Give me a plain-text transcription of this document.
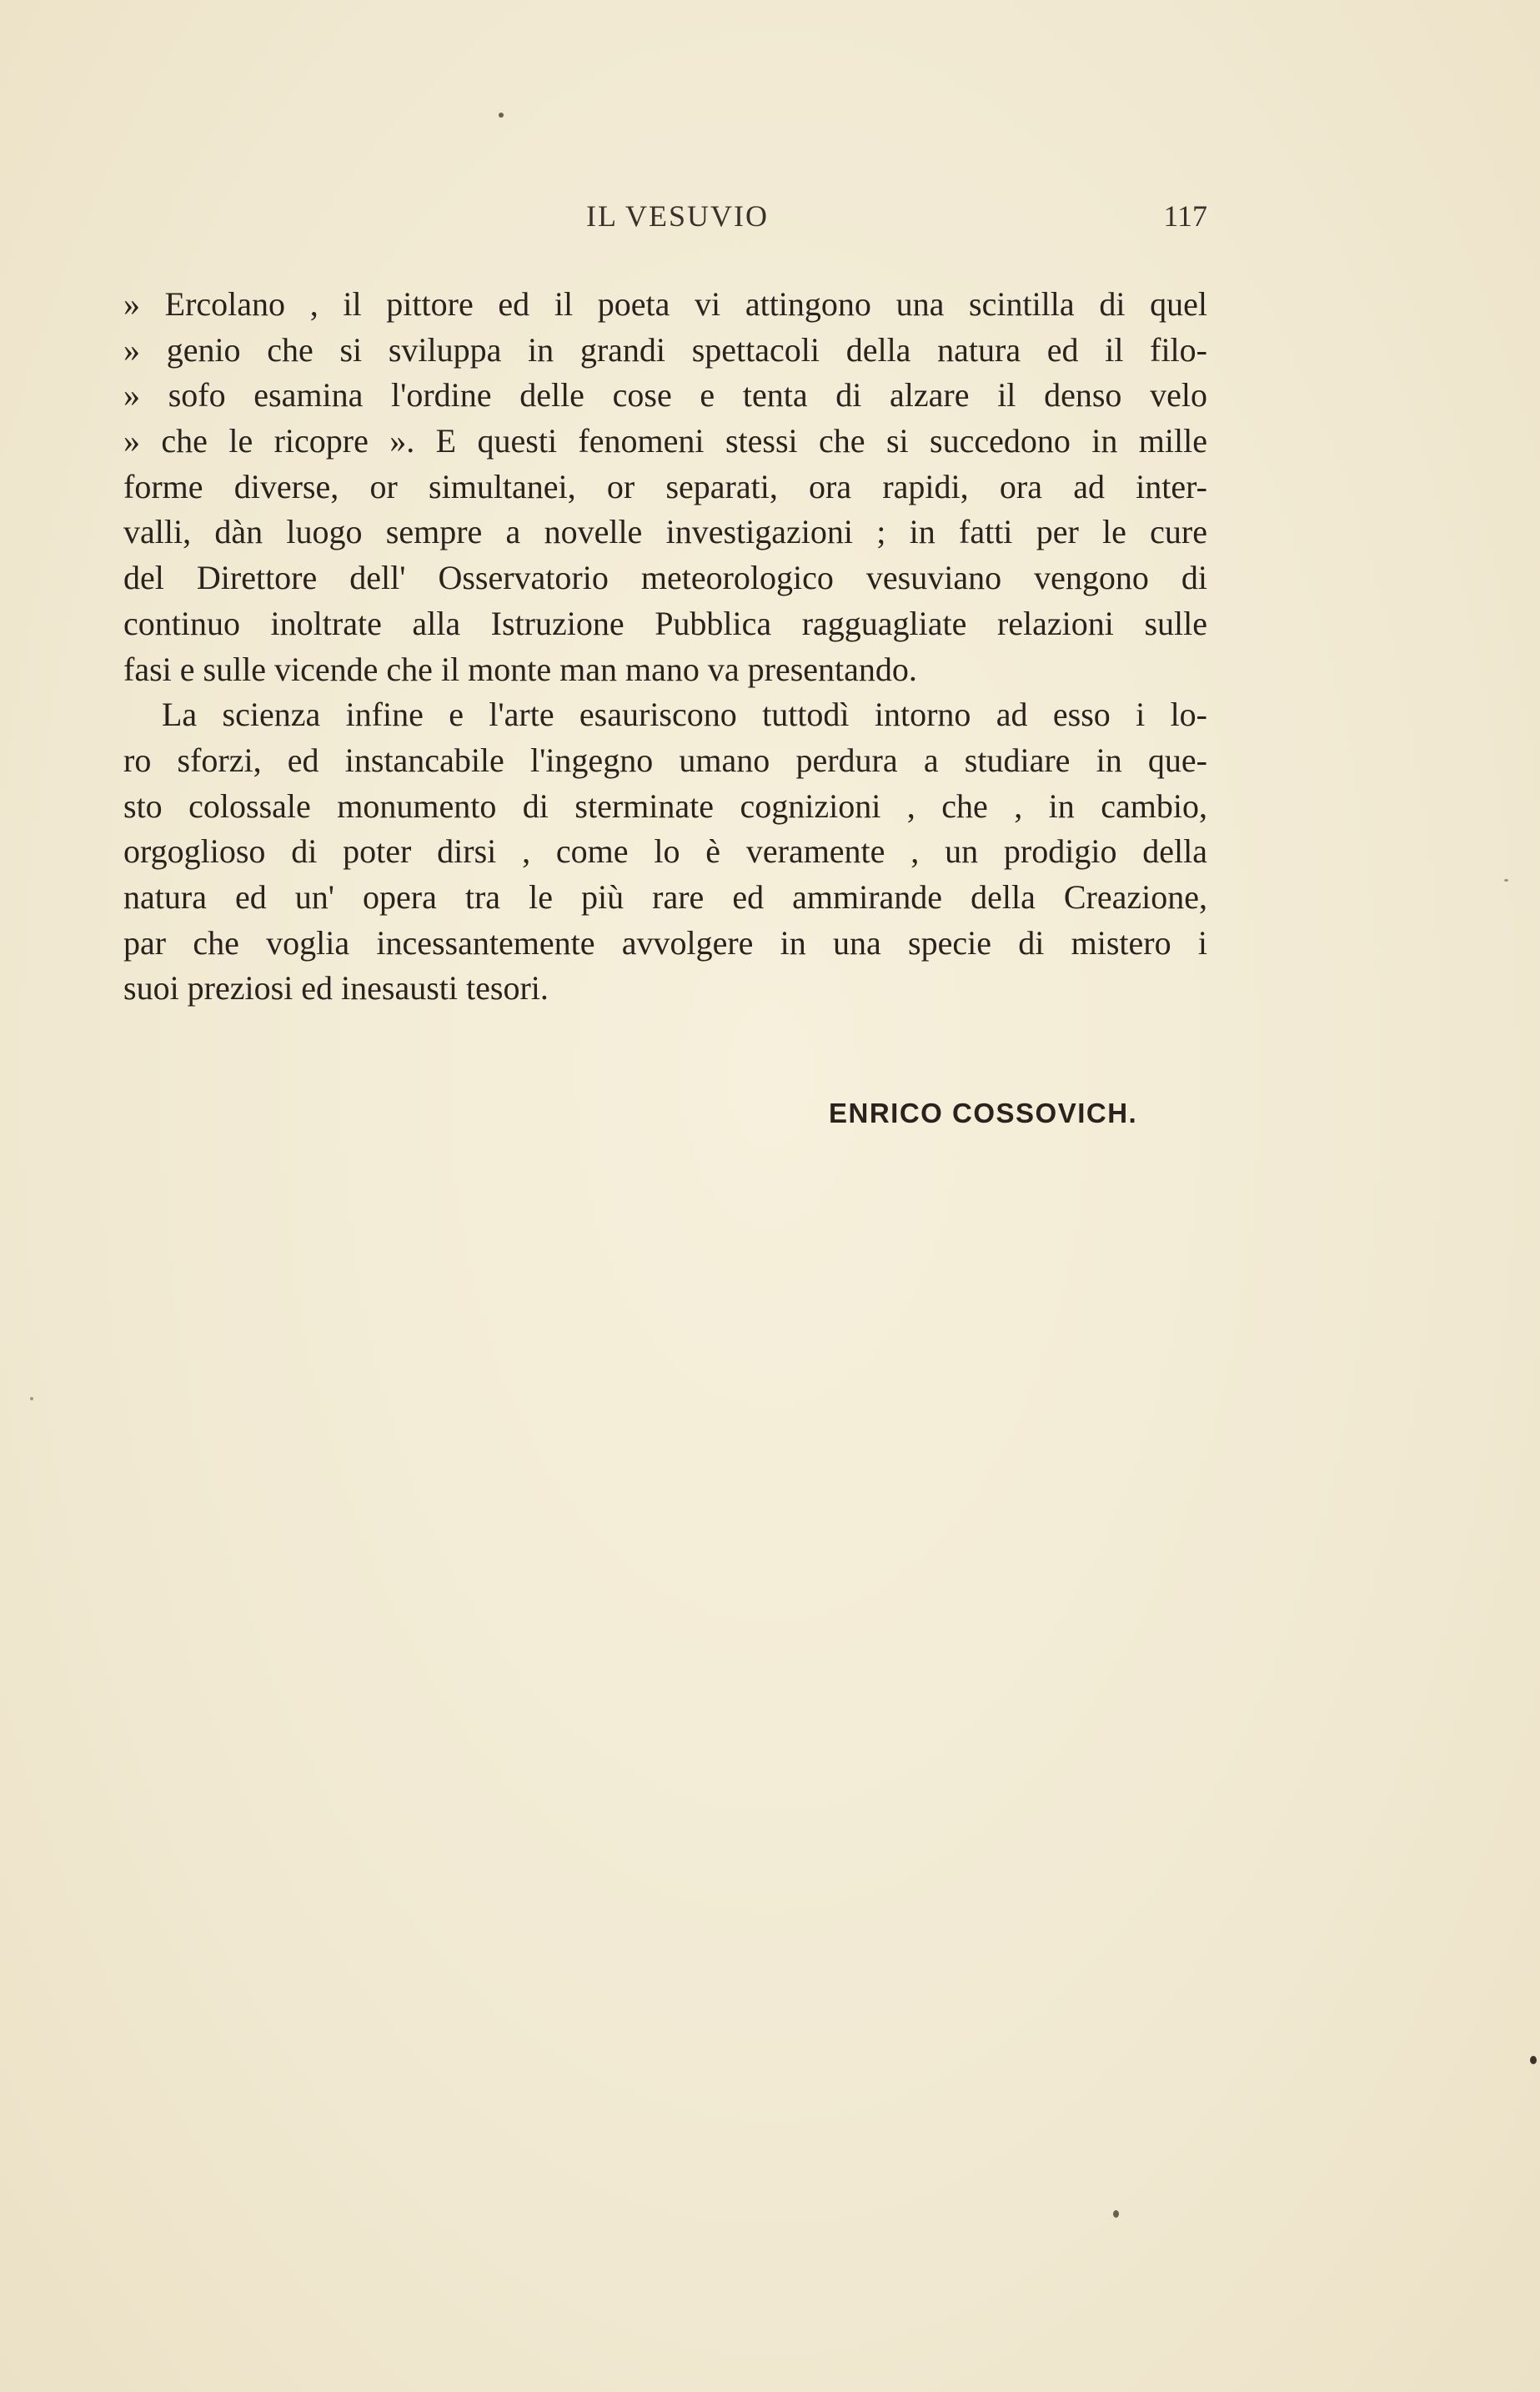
IL VESUVIO	117
» Ercolano , il pittore ed il poeta vi attingono una scintilla di quel
» genio che si sviluppa in grandi spettacoli della natura ed il filo-
» sofo esamina l'ordine delle cose e tenta di alzare il denso velo
» che le ricopre ». E questi fenomeni stessi che si succedono in mille
forme diverse, or simultanei, or separati, ora rapidi, ora ad inter-
valli, dàn luogo sempre a novelle investigazioni ; in fatti per le cure
del Direttore dell' Osservatorio meteorologico vesuviano vengono di
continuo inoltrate alla Istruzione Pubblica ragguagliate relazioni sulle
fasi e sulle vicende che il monte man mano va presentando.
La scienza infine e l'arte esauriscono tuttodì intorno ad esso i lo-
ro sforzi, ed instancabile l'ingegno umano perdura a studiare in que-
sto colossale monumento di sterminate cognizioni , che , in cambio,
orgoglioso di poter dirsi , come lo è veramente , un prodigio della
natura ed un' opera tra le più rare ed ammirande della Creazione,
par che voglia incessantemente avvolgere in una specie di mistero i
suoi preziosi ed inesausti tesori.
ENRICO COSSOVICH.
